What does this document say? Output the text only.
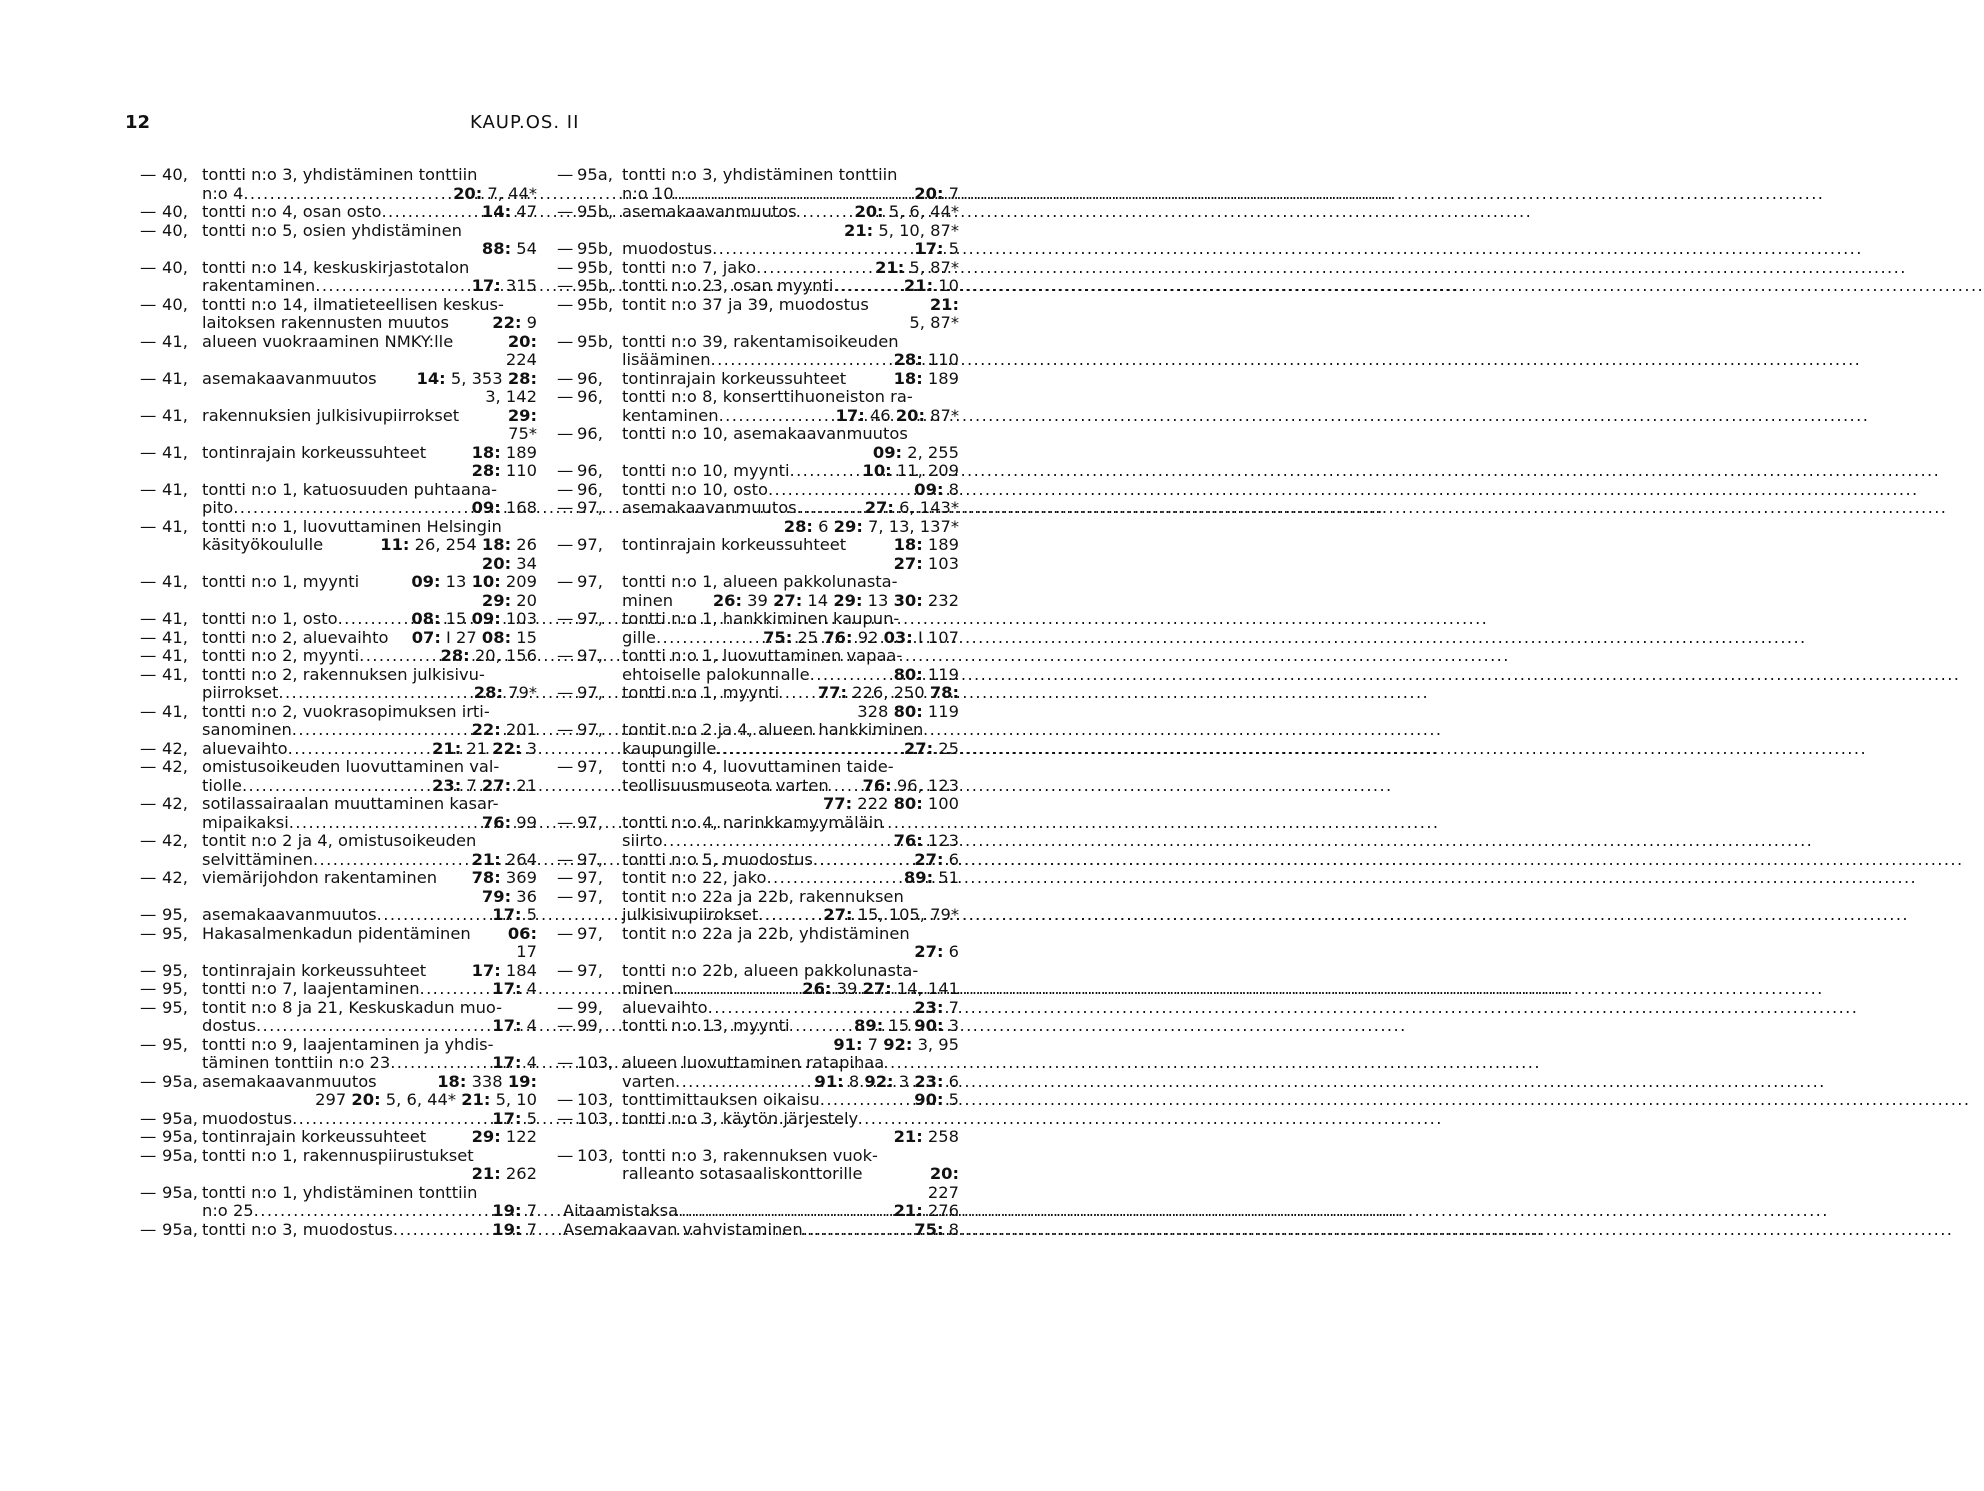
12	KAUP.OS. II
— 40, tontti n:o 3, yhdistäminen tonttiin
n:o 4 .....	20: 7, 44*
— 40, tontti n:o 4, osan osto .....	14: 47
— 40, tontti n:o 5, osien yhdistäminen
88: 54
— 40, tontti n:o 14, keskuskirjastotalon
rakentaminen .....	17: 315
— 40, tontti n:o 14, ilmatieteellisen keskus-
laitoksen rakennusten muutos	22: 9
— 41, alueen vuokraaminen NMKY:lle	20:
224
— 41, asemakaavanmuutos	14: 5, 353 28:
3, 142
— 41, rakennuksien julkisivupiirrokset	29:
75*
— 41, tontinrajain korkeussuhteet	18: 189
28: 110
— 41, tontti n:o 1, katuosuuden puhtaana-
pito .....	09: 168
— 41, tontti n:o 1, luovuttaminen Helsingin
käsityökoululle	11: 26, 254 18: 26
20: 34
— 41, tontti n:o 1, myynti	09: 13 10: 209
29: 20
— 41, tontti n:o 1, osto .....	08: 15 09: 103
— 41, tontti n:o 2, aluevaihto	07: I 27 08: 15
— 41, tontti n:o 2, myynti .....	28: 20, 156
— 41, tontti n:o 2, rakennuksen julkisivu-
piirrokset .....	28: 79*
— 41, tontti n:o 2, vuokrasopimuksen irti-
sanominen .....	22: 201
— 42, aluevaihto .....	21: 21 22: 3
— 42, omistusoikeuden luovuttaminen val-
tiolle .....	23: 7 27: 21
— 42, sotilassairaalan muuttaminen kasar-
mipaikaksi .....	76: 99
— 42, tontit n:o 2 ja 4, omistusoikeuden
selvittäminen .....	21: 264
— 42, viemärijohdon rakentaminen	78: 369
79: 36
— 95, asemakaavanmuutos .....	17: 5
— 95, Hakasalmenkadun pidentäminen	06:
17
— 95, tontinrajain korkeussuhteet	17: 184
— 95, tontti n:o 7, laajentaminen .....	17: 4
— 95, tontit n:o 8 ja 21, Keskuskadun muo-
dostus .....	17: 4
— 95, tontti n:o 9, laajentaminen ja yhdis-
täminen tonttiin n:o 23 .....	17: 4
— 95a, asemakaavanmuutos	18: 338 19:
297 20: 5, 6, 44* 21: 5, 10
— 95a, muodostus .....	17: 5
— 95a, tontinrajain korkeussuhteet	29: 122
— 95a, tontti n:o 1, rakennuspiirustukset
21: 262
— 95a, tontti n:o 1, yhdistäminen tonttiin
n:o 25 .....	19: 7
— 95a, tontti n:o 3, muodostus .....	19: 7
— 95a, tontti n:o 3, yhdistäminen tonttiin
n:o 10 .....	20: 7
— 95b, asemakaavanmuutos	20: 5, 6, 44*
21: 5, 10, 87*
— 95b, muodostus .....	17: 5
— 95b, tontti n:o 7, jako .....	21: 5, 87*
— 95b, tontti n:o 23, osan myynti .....	21: 10
— 95b, tontit n:o 37 ja 39, muodostus	21:
5, 87*
— 95b, tontti n:o 39, rakentamisoikeuden
lisääminen .....	28: 110
— 96,	tontinrajain korkeussuhteet	18: 189
— 96,	tontti n:o 8, konserttihuoneiston ra-
kentaminen .....	17: 46 20: 87*
— 96,	tontti n:o 10, asemakaavanmuutos
09: 2, 255
— 96,	tontti n:o 10, myynti .....	10: 11, 209
— 96,	tontti n:o 10, osto .....	09: 8
— 97,	asemakaavanmuutos .....	27: 6, 143*
28: 6 29: 7, 13, 137*
— 97,	tontinrajain korkeussuhteet	18: 189
27: 103
— 97,	tontti n:o 1, alueen pakkolunasta-
minen	26: 39 27: 14 29: 13 30: 232
— 97,	tontti n:o 1, hankkiminen kaupun-
gille .....	75: 25 76: 92 03: I 107
— 97,	tontti n:o 1, luovuttaminen vapaa-
ehtoiselle palokunnalle .....	80: 119
— 97,	tontti n:o 1, myynti	77: 226, 250 78:
328 80: 119
— 97,	tontit n:o 2 ja 4, alueen hankkiminen
kaupungille .....	27: 25
— 97,	tontti n:o 4, luovuttaminen taide-
teollisuusmuseota varten	76: 96, 123
77: 222 80: 100
— 97,	tontti n:o 4, narinkkamyymäläin
siirto .....	76: 123
— 97,	tontti n:o 5, muodostus .....	27: 6
— 97,	tontit n:o 22, jako .....	89: 51
— 97,	tontit n:o 22a ja 22b, rakennuksen
julkisivupiirokset .....	27: 15, 105, 79*
— 97,	tontit n:o 22a ja 22b, yhdistäminen
27: 6
— 97,	tontti n:o 22b, alueen pakkolunasta-
minen .....	26: 39 27: 14, 141
— 99,	aluevaihto .....	23: 7
— 99,	tontti n:o 13, myynti	89: 15 90: 3
91: 7 92: 3, 95
— 103, alueen luovuttaminen ratapihaa
varten .....	91: 8 92: 3 23: 6
— 103, tonttimittauksen oikaisu .....	90: 5
— 103, tontti n:o 3, käytön järjestely
21: 258
— 103, tontti n:o 3, rakennuksen vuok-
ralleanto sotasaaliskonttorille	20:
227
Aitaamistaksa .....	21: 276
Asemakaavan vahvistaminen .....	75: 8
